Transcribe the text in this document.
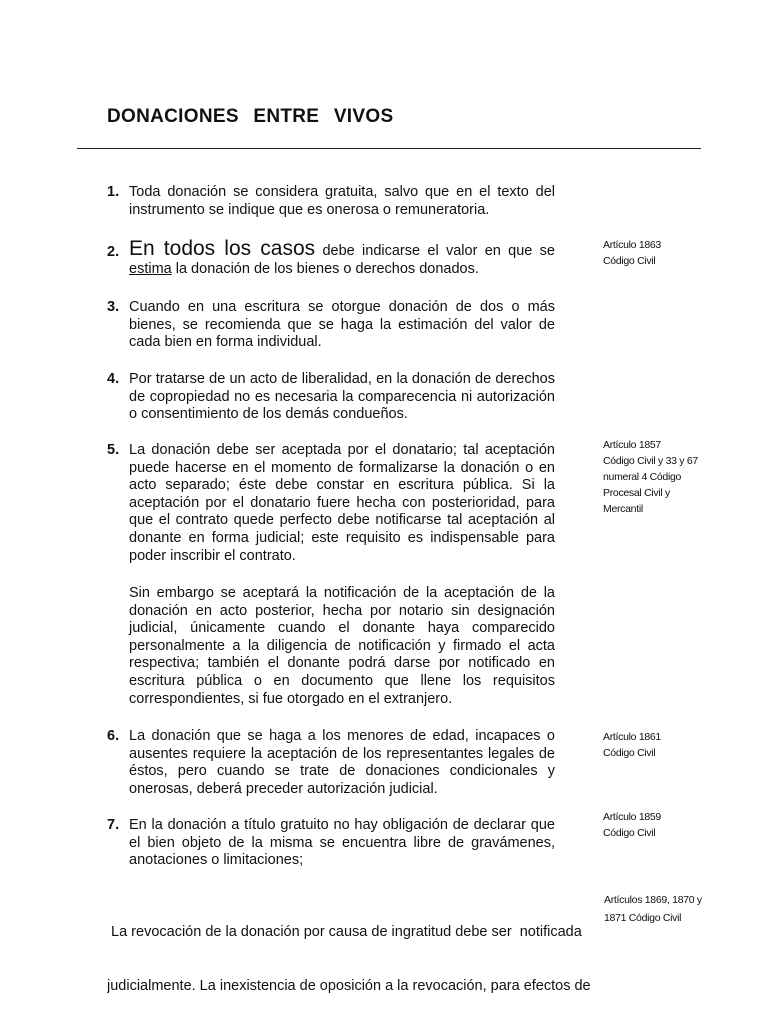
DONACIONES ENTRE VIVOS
1. Toda donación se considera gratuita, salvo que en el texto del instrumento se indique que es onerosa o remuneratoria.
2. En todos los casos debe indicarse el valor en que se estima la donación de los bienes o derechos donados.
3. Cuando en una escritura se otorgue donación de dos o más bienes, se recomienda que se haga la estimación del valor de cada bien en forma individual.
4. Por tratarse de un acto de liberalidad, en la donación de derechos de copropiedad no es necesaria la comparecencia ni autorización o consentimiento de los demás condueños.
5. La donación debe ser aceptada por el donatario; tal aceptación puede hacerse en el momento de formalizarse la donación o en acto separado; éste debe constar en escritura pública. Si la aceptación por el donatario fuere hecha con posterioridad, para que el contrato quede perfecto debe notificarse tal aceptación al donante en forma judicial; este requisito es indispensable para poder inscribir el contrato.
Sin embargo se aceptará la notificación de la aceptación de la donación en acto posterior, hecha por notario sin designación judicial, únicamente cuando el donante haya comparecido personalmente a la diligencia de notificación y firmado el acta respectiva; también el donante podrá darse por notificado en escritura pública o en documento que llene los requisitos correspondientes, si fue otorgado en el extranjero.
6. La donación que se haga a los menores de edad, incapaces o ausentes requiere la aceptación de los representantes legales de éstos, pero cuando se trate de donaciones condicionales y onerosas, deberá preceder autorización judicial.
7. En la donación a título gratuito no hay obligación de declarar que el bien objeto de la misma se encuentra libre de gravámenes, anotaciones o limitaciones;
Artículo 1863
Código Civil
Artículo 1857
Código Civil y 33 y 67
numeral 4 Código
Procesal Civil y
Mercantil
Artículo 1861
Código Civil
Artículo 1859
Código Civil

La revocación de la donación por causa de ingratitud debe ser  notificada

judicialmente. La inexistencia de oposición a la revocación, para efectos de

Artículos 1869, 1870 y
1871 Código Civil
